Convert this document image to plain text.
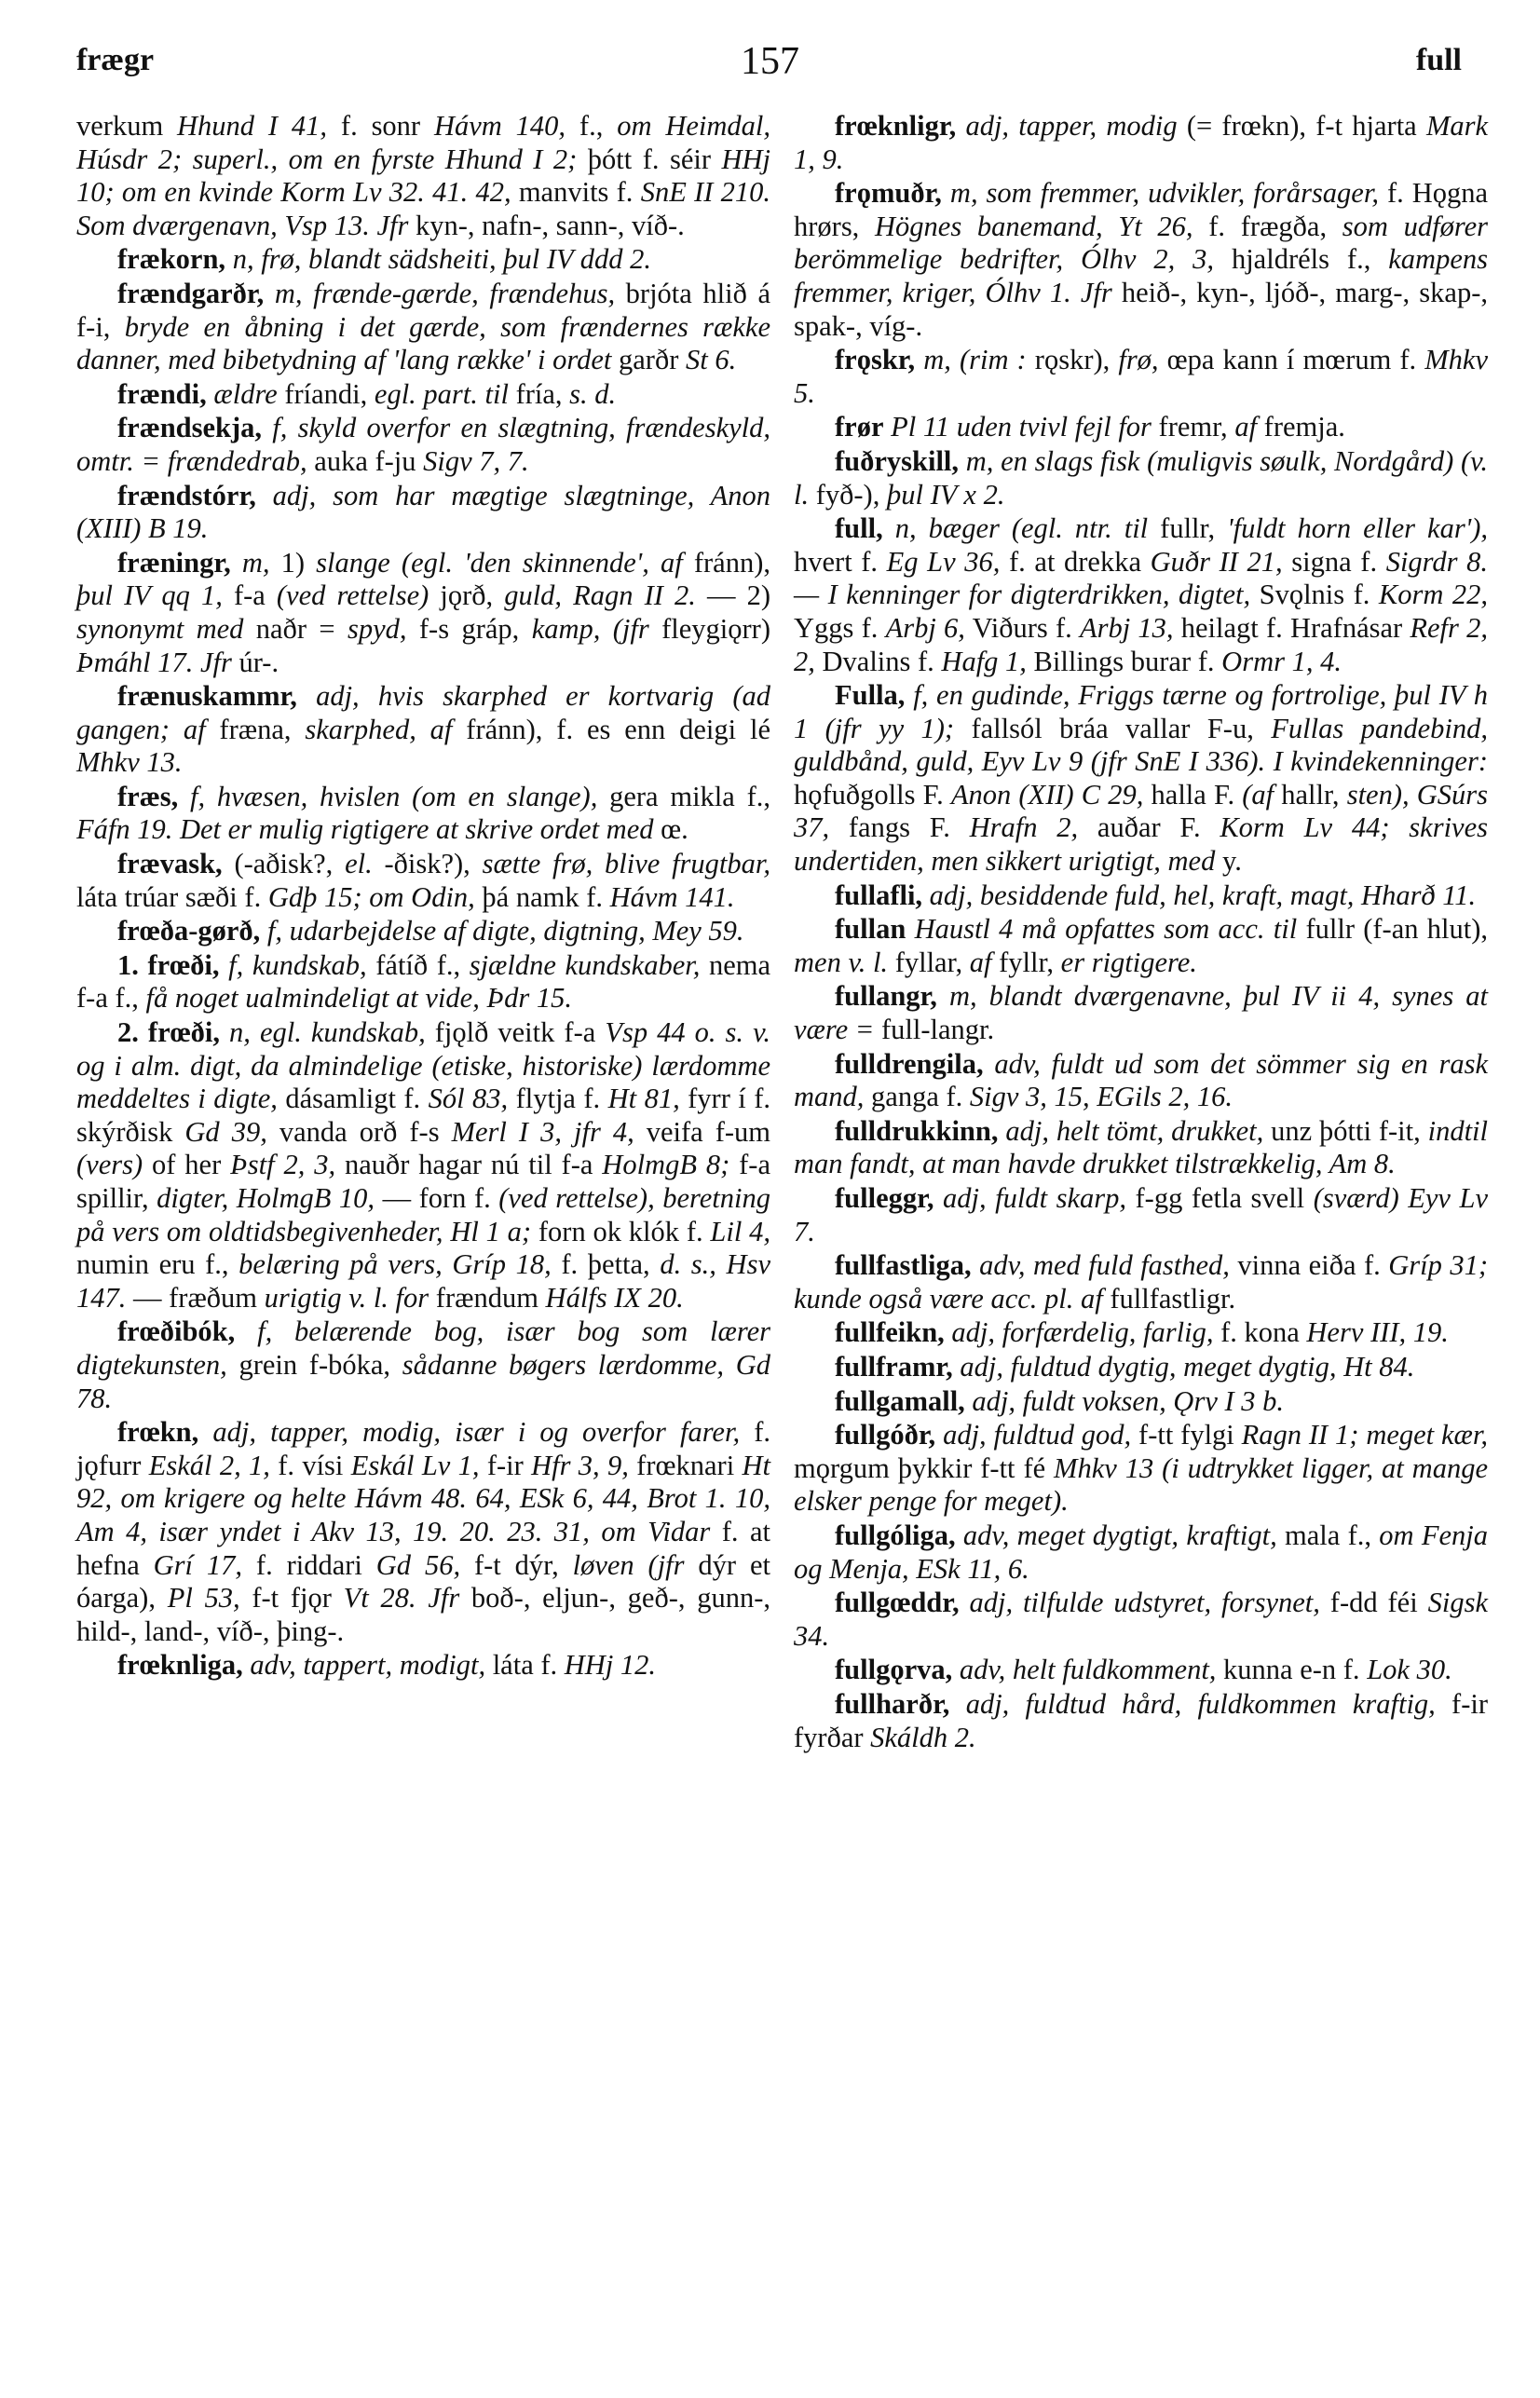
157
frægr	full

verkum Hhund I 41, f. sonr Hávm 140, f., om Heimdal, Húsdr 2; superl., om en fyrste Hhund I 2; þótt f. séir HHj 10; om en kvinde Korm Lv 32. 41. 42, manvits f. SnE II 210. Som dværgenavn, Vsp 13. Jfr kyn-, nafn-, sann-, víð-.

frækorn, n, frø, blandt sädsheiti, þul IV ddd 2.

frændgarðr, m, frænde-gærde, frændehus, brjóta hlið á f-i, bryde en åbning i det gærde, som frændernes række danner, med bibetydning af 'lang række' i ordet garðr St 6.

frændi, ældre fríandi, egl. part. til fría, s. d.

frændsekja, f, skyld overfor en slægtning, frændeskyld, omtr. = frændedrab, auka f-ju Sigv 7, 7.

frændstórr, adj, som har mægtige slægtninge, Anon (XIII) B 19.

fræningr, m, 1) slange (egl. 'den skinnende', af fránn), þul IV qq 1, f-a (ved rettelse) jǫrð, guld, Ragn II 2. — 2) synonymt med naðr = spyd, f-s gráp, kamp, (jfr fleygiǫrr) Þmáhl 17. Jfr úr-.

frænuskammr, adj, hvis skarphed er kortvarig (ad gangen; af fræna, skarphed, af fránn), f. es enn deigi lé Mhkv 13.

fræs, f, hvæsen, hvislen (om en slange), gera mikla f., Fáfn 19. Det er mulig rigtigere at skrive ordet med œ.

frævask, (-aðisk?, el. -ðisk?), sætte frø, blive frugtbar, láta trúar sæði f. Gdþ 15; om Odin, þá namk f. Hávm 141.

frœða-gørð, f, udarbejdelse af digte, digtning, Mey 59.

1. frœði, f, kundskab, fátíð f., sjældne kundskaber, nema f-a f., få noget ualmindeligt at vide, Þdr 15.

2. frœði, n, egl. kundskab, fjǫlð veitk f-a Vsp 44 o. s. v. og i alm. digt, da almindelige (etiske, historiske) lærdomme meddeltes i digte, dásamligt f. Sól 83, flytja f. Ht 81, fyrr í f. skýrðisk Gd 39, vanda orð f-s Merl I 3, jfr 4, veifa f-um (vers) of her Þstf 2, 3, nauðr hagar nú til f-a HolmgB 8; f-a spillir, digter, HolmgB 10, — forn f. (ved rettelse), beretning på vers om oldtidsbegivenheder, Hl 1 a; forn ok klók f. Lil 4, numin eru f., belæring på vers, Gríp 18, f. þetta, d. s., Hsv 147. — fræðum urigtig v. l. for frændum Hálfs IX 20.

frœðibók, f, belærende bog, især bog som lærer digtekunsten, grein f-bóka, sådanne bøgers lærdomme, Gd 78.

frœkn, adj, tapper, modig, især i og overfor farer, f. jǫfurr Eskál 2, 1, f. vísi Eskál Lv 1, f-ir Hfr 3, 9, frœknari Ht 92, om krigere og helte Hávm 48. 64, ESk 6, 44, Brot 1. 10, Am 4, især yndet i Akv 13, 19. 20. 23. 31, om Vidar f. at hefna Grí 17, f. riddari Gd 56, f-t dýr, løven (jfr dýr et óarga), Pl 53, f-t fjǫr Vt 28. Jfr boð-, eljun-, geð-, gunn-, hild-, land-, víð-, þing-.

frœknliga, adv, tappert, modigt, láta f. HHj 12.

frœknligr, adj, tapper, modig (= frœkn), f-t hjarta Mark 1, 9.

frǫmuðr, m, som fremmer, udvikler, forårsager, f. Hǫgna hrørs, Högnes banemand, Yt 26, f. frægða, som udfører berömmelige bedrifter, Ólhv 2, 3, hjaldréls f., kampens fremmer, kriger, Ólhv 1. Jfr heið-, kyn-, ljóð-, marg-, skap-, spak-, víg-.

frǫskr, m, (rim : rǫskr), frø, œpa kann í mœrum f. Mhkv 5.

frør Pl 11 uden tvivl fejl for fremr, af fremja.

fuðryskill, m, en slags fisk (muligvis søulk, Nordgård) (v. l. fyð-), þul IV x 2.

full, n, bæger (egl. ntr. til fullr, 'fuldt horn eller kar'), hvert f. Eg Lv 36, f. at drekka Guðr II 21, signa f. Sigrdr 8. — I kenninger for digterdrikken, digtet, Svǫlnis f. Korm 22, Yggs f. Arbj 6, Viðurs f. Arbj 13, heilagt f. Hrafnásar Refr 2, 2, Dvalins f. Hafg 1, Billings burar f. Ormr 1, 4.

Fulla, f, en gudinde, Friggs tærne og fortrolige, þul IV h 1 (jfr yy 1); fallsól bráa vallar F-u, Fullas pandebind, guldbånd, guld, Eyv Lv 9 (jfr SnE I 336). I kvindekenninger: hǫfuðgolls F. Anon (XII) C 29, halla F. (af hallr, sten), GSúrs 37, fangs F. Hrafn 2, auðar F. Korm Lv 44; skrives undertiden, men sikkert urigtigt, med y.

fullafli, adj, besiddende fuld, hel, kraft, magt, Hharð 11.

fullan Haustl 4 må opfattes som acc. til fullr (f-an hlut), men v. l. fyllar, af fyllr, er rigtigere.

fullangr, m, blandt dværgenavne, þul IV ii 4, synes at være = full-langr.

fulldrengila, adv, fuldt ud som det sömmer sig en rask mand, ganga f. Sigv 3, 15, EGils 2, 16.

fulldrukkinn, adj, helt tömt, drukket, unz þótti f-it, indtil man fandt, at man havde drukket tilstrækkelig, Am 8.

fulleggr, adj, fuldt skarp, f-gg fetla svell (sværd) Eyv Lv 7.

fullfastliga, adv, med fuld fasthed, vinna eiða f. Gríp 31; kunde også være acc. pl. af fullfastligr.

fullfeikn, adj, forfærdelig, farlig, f. kona Herv III, 19.

fullframr, adj, fuldtud dygtig, meget dygtig, Ht 84.

fullgamall, adj, fuldt voksen, Ǫrv I 3 b.

fullgóðr, adj, fuldtud god, f-tt fylgi Ragn II 1; meget kær, mǫrgum þykkir f-tt fé Mhkv 13 (i udtrykket ligger, at mange elsker penge for meget).

fullgóliga, adv, meget dygtigt, kraftigt, mala f., om Fenja og Menja, ESk 11, 6.

fullgœddr, adj, tilfulde udstyret, forsynet, f-dd féi Sigsk 34.

fullgǫrva, adv, helt fuldkomment, kunna e-n f. Lok 30.

fullharðr, adj, fuldtud hård, fuldkommen kraftig, f-ir fyrðar Skáldh 2.
